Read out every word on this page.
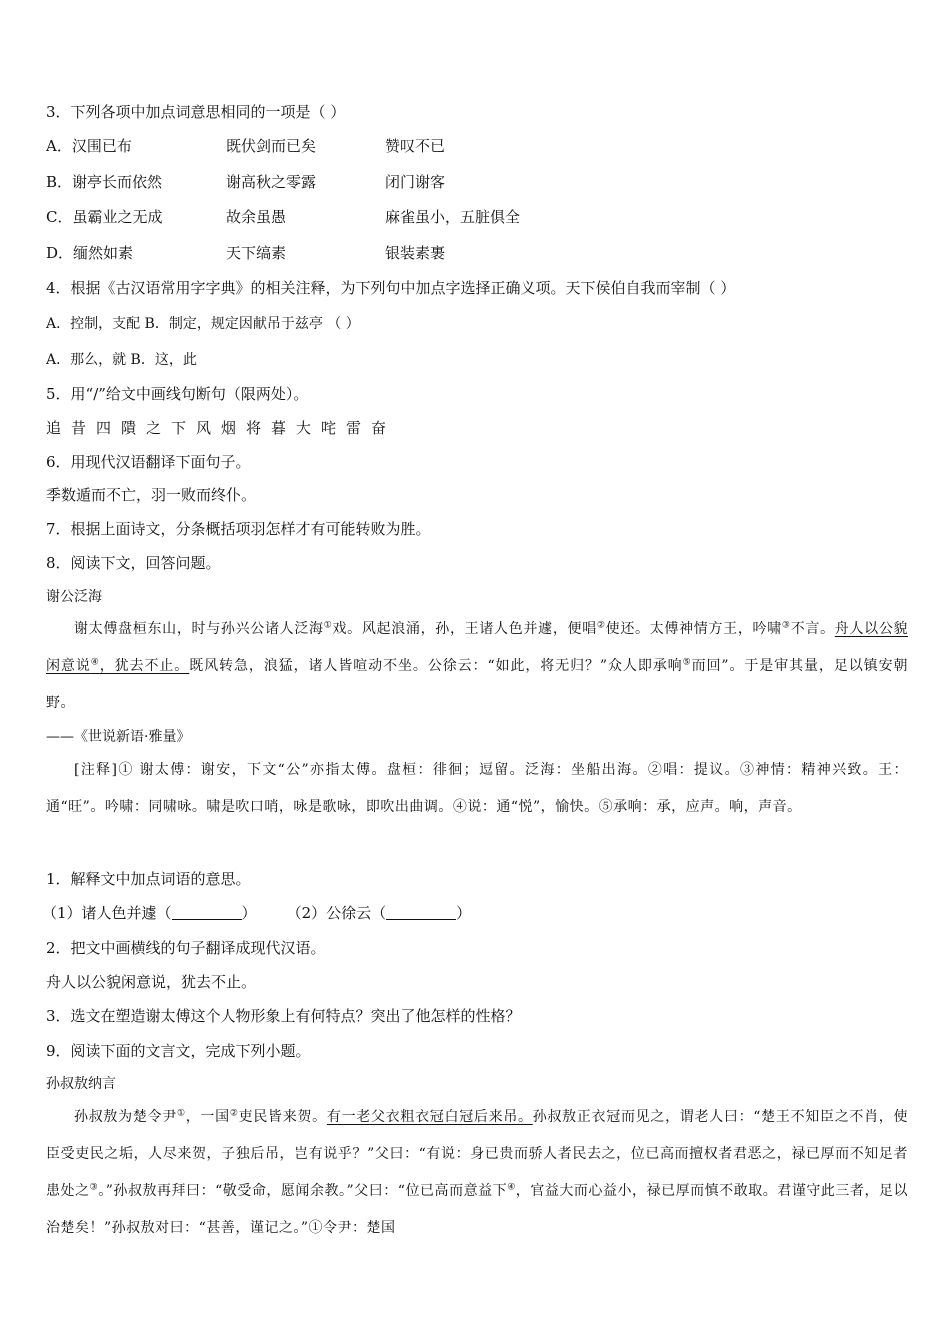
3．下列各项中加点词意思相同的一项是（ ）
A．汉围已布	既伏剑而已矣	赞叹不已
B．谢亭长而依然	谢高秋之零露	闭门谢客
C．虽霸业之无成	故余虽愚	麻雀虽小，五脏俱全
D．缅然如素	天下缟素	银装素裹
4．根据《古汉语常用字字典》的相关注释，为下列句中加点字选择正确义项。天下侯伯自我而宰制（ ）
A．控制，支配 B．制定，规定因献吊于兹亭 （ ）
A．那么，就 B．这，此
5．用“/”给文中画线句断句（限两处）。
追昔四隤之下风烟将暮大咤雷奋
6．用现代汉语翻译下面句子。
季数遁而不亡，羽一败而终仆。
7．根据上面诗文，分条概括项羽怎样才有可能转败为胜。
8．阅读下文，回答问题。
谢公泛海
谢太傅盘桓东山，时与孙兴公诸人泛海①戏。风起浪涌，孙，王诸人色并遽，便唱②使还。太傅神情方王，吟啸③不言。舟人以公貌闲意说④，犹去不止。既风转急，浪猛，诸人皆喧动不坐。公徐云：“如此，将无归？”众人即承响⑤而回”。于是审其量，足以镇安朝野。
——《世说新语·雅量》
[注释]① 谢太傅：谢安，下文“公”亦指太傅。盘桓：徘徊；逗留。泛海：坐船出海。②唱：提议。③神情：精神兴致。王：通“旺”。吟啸：同啸咏。啸是吹口哨，咏是歌咏，即吹出曲调。④说：通“悦”，愉快。⑤承响：承，应声。响，声音。
1．解释文中加点词语的意思。
（1）诸人色并遽（	） （2）公徐云（	）
2．把文中画横线的句子翻译成现代汉语。
舟人以公貌闲意说，犹去不止。
3．选文在塑造谢太傅这个人物形象上有何特点？突出了他怎样的性格？
9．阅读下面的文言文，完成下列小题。
孙叔敖纳言
孙叔敖为楚令尹①，一国②吏民皆来贺。有一老父衣粗衣冠白冠后来吊。孙叔敖正衣冠而见之，谓老人曰：“楚王不知臣之不肖，使臣受吏民之垢，人尽来贺，子独后吊，岂有说乎？”父曰：“有说：身已贵而骄人者民去之，位已高而擅权者君恶之，禄已厚而不知足者患处之③。”孙叔敖再拜曰：“敬受命，愿闻余教。”父曰：“位已高而意益下④，官益大而心益小，禄已厚而慎不敢取。君谨守此三者，足以治楚矣！”孙叔敖对曰：“甚善，谨记之。”①令尹：楚国
